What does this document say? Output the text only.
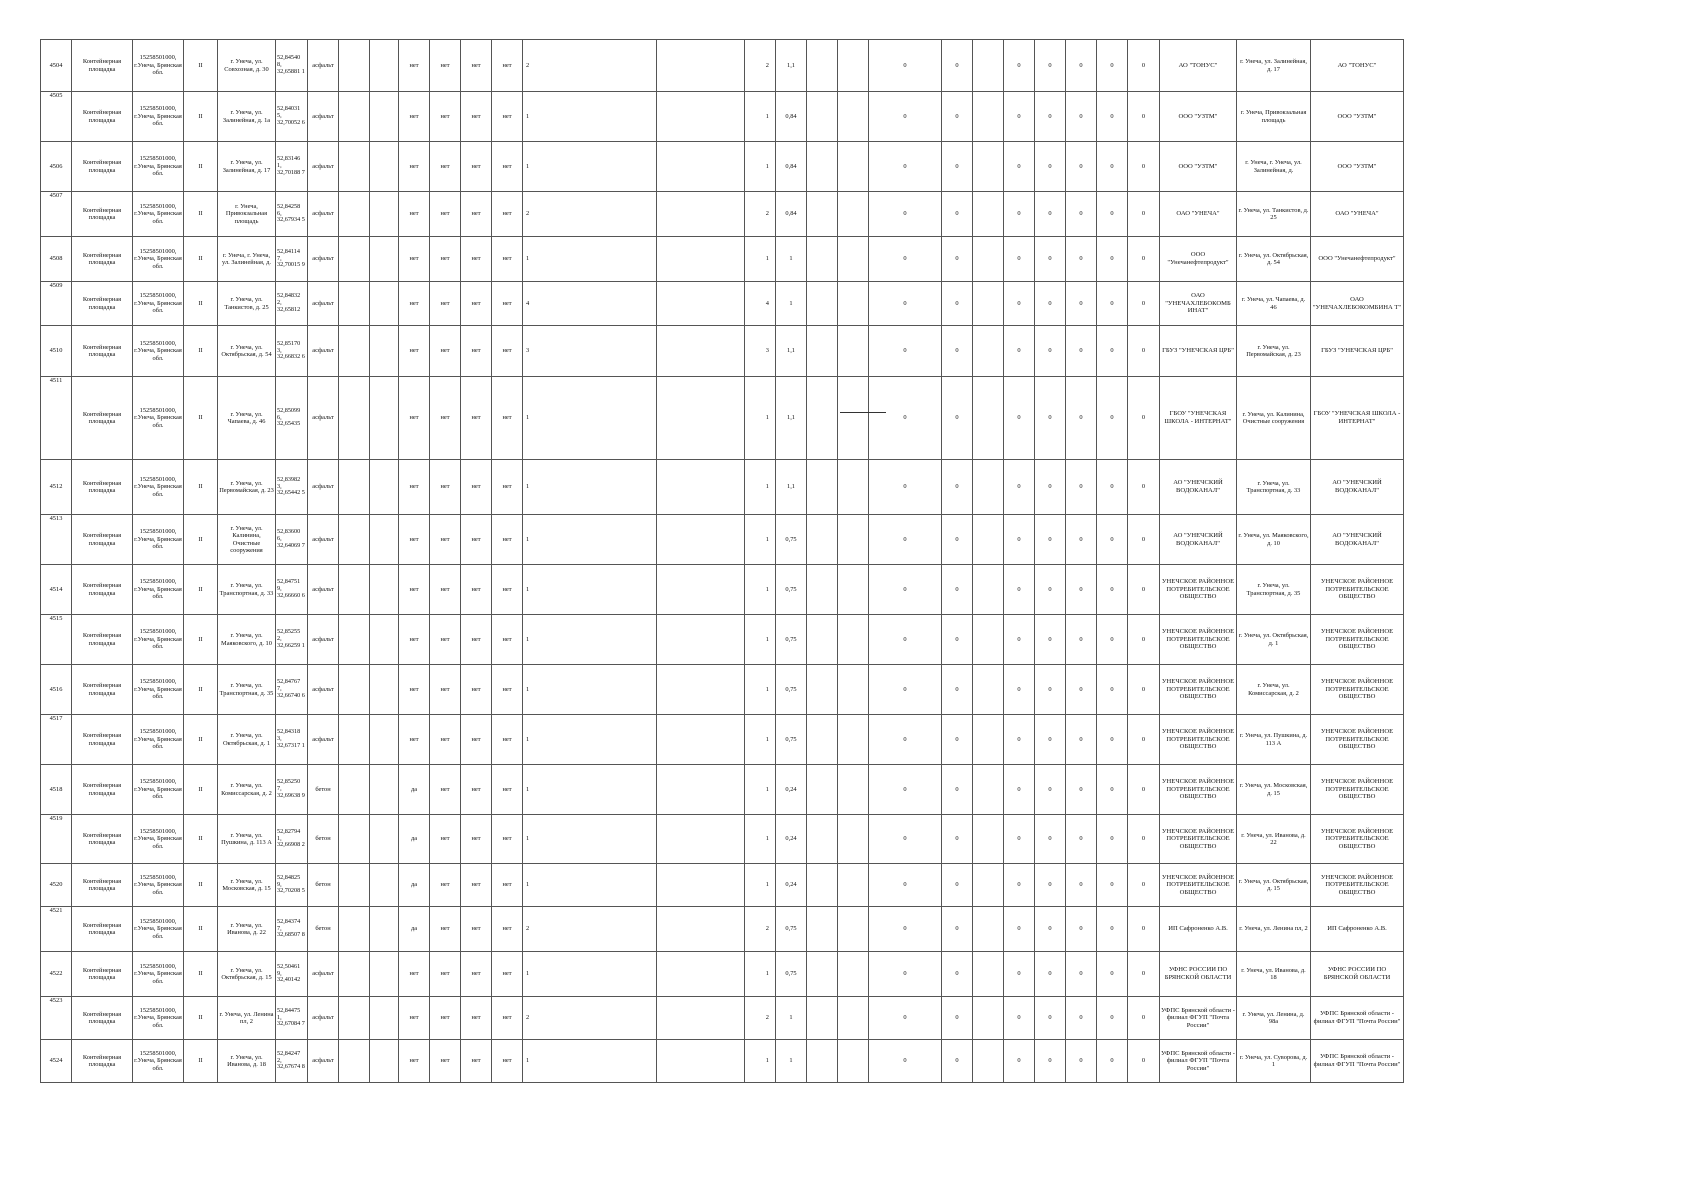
4504	Контейнерная площадка	15258501000, г.Унеча, Брянская обл.	II	г. Унеча, ул. Совхозная, д. 30	52,84540 8, 32,65881 1	асфальт			нет	нет	нет	нет	2		2	1,1			0	0		0	0	0	0	0	АО "ТОНУС"	г. Унеча, ул. Залинейная, д. 17	АО "ТОНУС"
4505	Контейнерная площадка	15258501000, г.Унеча, Брянская обл.	II	г. Унеча, ул. Залинейная, д. 1а	52,84031 5, 32,70052 6	асфальт			нет	нет	нет	нет	1		1	0,84			0	0		0	0	0	0	0	ООО "УЗТМ"	г. Унеча, Привокзальная площадь	ООО "УЗТМ"
4506	Контейнерная площадка	15258501000, г.Унеча, Брянская обл.	II	г. Унеча, ул. Залинейная, д. 17	52,83146 1, 32,70188 7	асфальт			нет	нет	нет	нет	1		1	0,84			0	0		0	0	0	0	0	ООО "УЗТМ"	г. Унеча, г. Унеча, ул. Залинейная, д.	ООО "УЗТМ"
4507	Контейнерная площадка	15258501000, г.Унеча, Брянская обл.	II	г. Унеча, Привокзальная площадь	52,84258 6, 32,67934 5	асфальт			нет	нет	нет	нет	2		2	0,84			0	0		0	0	0	0	0	ОАО "УНЕЧА"	г. Унеча, ул. Танкистов, д. 25	ОАО "УНЕЧА"
4508	Контейнерная площадка	15258501000, г.Унеча, Брянская обл.	II	г. Унеча, г. Унеча, ул. Залинейная, д.	52,84114 7, 32,70015 9	асфальт			нет	нет	нет	нет	1		1	1			0	0		0	0	0	0	0	ООО "Унечанефтепродукт"	г. Унеча, ул. Октябрьская, д. 54	ООО "Унечанефтепродукт"
4509	Контейнерная площадка	15258501000, г.Унеча, Брянская обл.	II	г. Унеча, ул. Танкистов, д. 25	52,84832 2, 32,65812	асфальт			нет	нет	нет	нет	4		4	1			0	0		0	0	0	0	0	ОАО "УНЕЧАХЛЕБОКОМБ ИНАТ"	г. Унеча, ул. Чапаева, д. 46	ОАО "УНЕЧАХЛЕБОКОМБИНА Т"
4510	Контейнерная площадка	15258501000, г.Унеча, Брянская обл.	II	г. Унеча, ул. Октябрьская, д. 54	52,85170 3, 32,66832 6	асфальт			нет	нет	нет	нет	3		3	1,1			0	0		0	0	0	0	0	ГБУЗ "УНЕЧСКАЯ ЦРБ"	г. Унеча, ул. Первомайская, д. 23	ГБУЗ "УНЕЧСКАЯ ЦРБ"
4511	Контейнерная площадка	15258501000, г.Унеча, Брянская обл.	II	г. Унеча, ул. Чапаева, д. 46	52,85099 6, 32,65435	асфальт			нет	нет	нет	нет	1		1	1,1			0	0		0	0	0	0	0	ГБОУ "УНЕЧСКАЯ ШКОЛА - ИНТЕРНАТ"	г. Унеча, ул. Калинина, Очистные сооружения	ГБОУ "УНЕЧСКАЯ ШКОЛА - ИНТЕРНАТ"
4512	Контейнерная площадка	15258501000, г.Унеча, Брянская обл.	II	г. Унеча, ул. Первомайская, д. 23	52,83982 3, 32,65442 5	асфальт			нет	нет	нет	нет	1		1	1,1			0	0		0	0	0	0	0	АО "УНЕЧСКИЙ ВОДОКАНАЛ"	г. Унеча, ул. Транспортная, д. 33	АО "УНЕЧСКИЙ ВОДОКАНАЛ"
4513	Контейнерная площадка	15258501000, г.Унеча, Брянская обл.	II	г. Унеча, ул. Калинина, Очистные сооружения	52,83600 6, 32,64069 7	асфальт			нет	нет	нет	нет	1		1	0,75			0	0		0	0	0	0	0	АО "УНЕЧСКИЙ ВОДОКАНАЛ"	г. Унеча, ул. Маяковского, д. 10	АО "УНЕЧСКИЙ ВОДОКАНАЛ"
4514	Контейнерная площадка	15258501000, г.Унеча, Брянская обл.	II	г. Унеча, ул. Транспортная, д. 33	52,84751 9, 32,66660 6	асфальт			нет	нет	нет	нет	1		1	0,75			0	0		0	0	0	0	0	УНЕЧСКОЕ РАЙОННОЕ ПОТРЕБИТЕЛЬСКОЕ ОБЩЕСТВО	г. Унеча, ул. Транспортная, д. 35	УНЕЧСКОЕ РАЙОННОЕ ПОТРЕБИТЕЛЬСКОЕ ОБЩЕСТВО
4515	Контейнерная площадка	15258501000, г.Унеча, Брянская обл.	II	г. Унеча, ул. Маяковского, д. 10	52,85255 2, 32,66259 1	асфальт			нет	нет	нет	нет	1		1	0,75			0	0		0	0	0	0	0	УНЕЧСКОЕ РАЙОННОЕ ПОТРЕБИТЕЛЬСКОЕ ОБЩЕСТВО	г. Унеча, ул. Октябрьская, д. 1	УНЕЧСКОЕ РАЙОННОЕ ПОТРЕБИТЕЛЬСКОЕ ОБЩЕСТВО
4516	Контейнерная площадка	15258501000, г.Унеча, Брянская обл.	II	г. Унеча, ул. Транспортная, д. 35	52,84767 7, 32,66740 6	асфальт			нет	нет	нет	нет	1		1	0,75			0	0		0	0	0	0	0	УНЕЧСКОЕ РАЙОННОЕ ПОТРЕБИТЕЛЬСКОЕ ОБЩЕСТВО	г. Унеча, ул. Комиссарская, д. 2	УНЕЧСКОЕ РАЙОННОЕ ПОТРЕБИТЕЛЬСКОЕ ОБЩЕСТВО
4517	Контейнерная площадка	15258501000, г.Унеча, Брянская обл.	II	г. Унеча, ул. Октябрьская, д. 1	52,84318 3, 32,67317 1	асфальт			нет	нет	нет	нет	1		1	0,75			0	0		0	0	0	0	0	УНЕЧСКОЕ РАЙОННОЕ ПОТРЕБИТЕЛЬСКОЕ ОБЩЕСТВО	г. Унеча, ул. Пушкина, д. 113 А	УНЕЧСКОЕ РАЙОННОЕ ПОТРЕБИТЕЛЬСКОЕ ОБЩЕСТВО
4518	Контейнерная площадка	15258501000, г.Унеча, Брянская обл.	II	г. Унеча, ул. Комиссарская, д. 2	52,85250 7, 32,69638 9	бетон			да	нет	нет	нет	1		1	0,24			0	0		0	0	0	0	0	УНЕЧСКОЕ РАЙОННОЕ ПОТРЕБИТЕЛЬСКОЕ ОБЩЕСТВО	г. Унеча, ул. Московская, д. 15	УНЕЧСКОЕ РАЙОННОЕ ПОТРЕБИТЕЛЬСКОЕ ОБЩЕСТВО
4519	Контейнерная площадка	15258501000, г.Унеча, Брянская обл.	II	г. Унеча, ул. Пушкина, д. 113 А	52,82794 1, 32,66908 2	бетон			да	нет	нет	нет	1		1	0,24			0	0		0	0	0	0	0	УНЕЧСКОЕ РАЙОННОЕ ПОТРЕБИТЕЛЬСКОЕ ОБЩЕСТВО	г. Унеча, ул. Иванова, д. 22	УНЕЧСКОЕ РАЙОННОЕ ПОТРЕБИТЕЛЬСКОЕ ОБЩЕСТВО
4520	Контейнерная площадка	15258501000, г.Унеча, Брянская обл.	II	г. Унеча, ул. Московская, д. 15	52,84825 9, 32,70208 5	бетон			да	нет	нет	нет	1		1	0,24			0	0		0	0	0	0	0	УНЕЧСКОЕ РАЙОННОЕ ПОТРЕБИТЕЛЬСКОЕ ОБЩЕСТВО	г. Унеча, ул. Октябрьская, д. 15	УНЕЧСКОЕ РАЙОННОЕ ПОТРЕБИТЕЛЬСКОЕ ОБЩЕСТВО
4521	Контейнерная площадка	15258501000, г.Унеча, Брянская обл.	II	г. Унеча, ул. Иванова, д. 22	52,84374 7, 32,68507 8	бетон			да	нет	нет	нет	2		2	0,75			0	0		0	0	0	0	0	ИП Сафроненко А.В.	г. Унеча, ул. Ленина пл, 2	ИП Сафроненко А.В.
4522	Контейнерная площадка	15258501000, г.Унеча, Брянская обл.	II	г. Унеча, ул. Октябрьская, д. 15	52,50461 9, 32,40142	асфальт			нет	нет	нет	нет	1		1	0,75			0	0		0	0	0	0	0	УФНС РОССИИ ПО БРЯНСКОЙ ОБЛАСТИ	г. Унеча, ул. Иванова, д. 18	УФНС РОССИИ ПО БРЯНСКОЙ ОБЛАСТИ
4523	Контейнерная площадка	15258501000, г.Унеча, Брянская обл.	II	г. Унеча, ул. Ленина пл, 2	52,84475 1, 32,67084 7	асфальт			нет	нет	нет	нет	2		2	1			0	0		0	0	0	0	0	УФПС Брянской области - филиал ФГУП "Почта России"	г. Унеча, ул. Ленина, д. 98а	УФПС Брянской области - филиал ФГУП "Почта России"
4524	Контейнерная площадка	15258501000, г.Унеча, Брянская обл.	II	г. Унеча, ул. Иванова, д. 18	52,84247 2, 32,67674 8	асфальт			нет	нет	нет	нет	1		1	1			0	0		0	0	0	0	0	УФПС Брянской области - филиал ФГУП "Почта России"	г. Унеча, ул. Суворова, д. 1	УФПС Брянской области - филиал ФГУП "Почта России"
